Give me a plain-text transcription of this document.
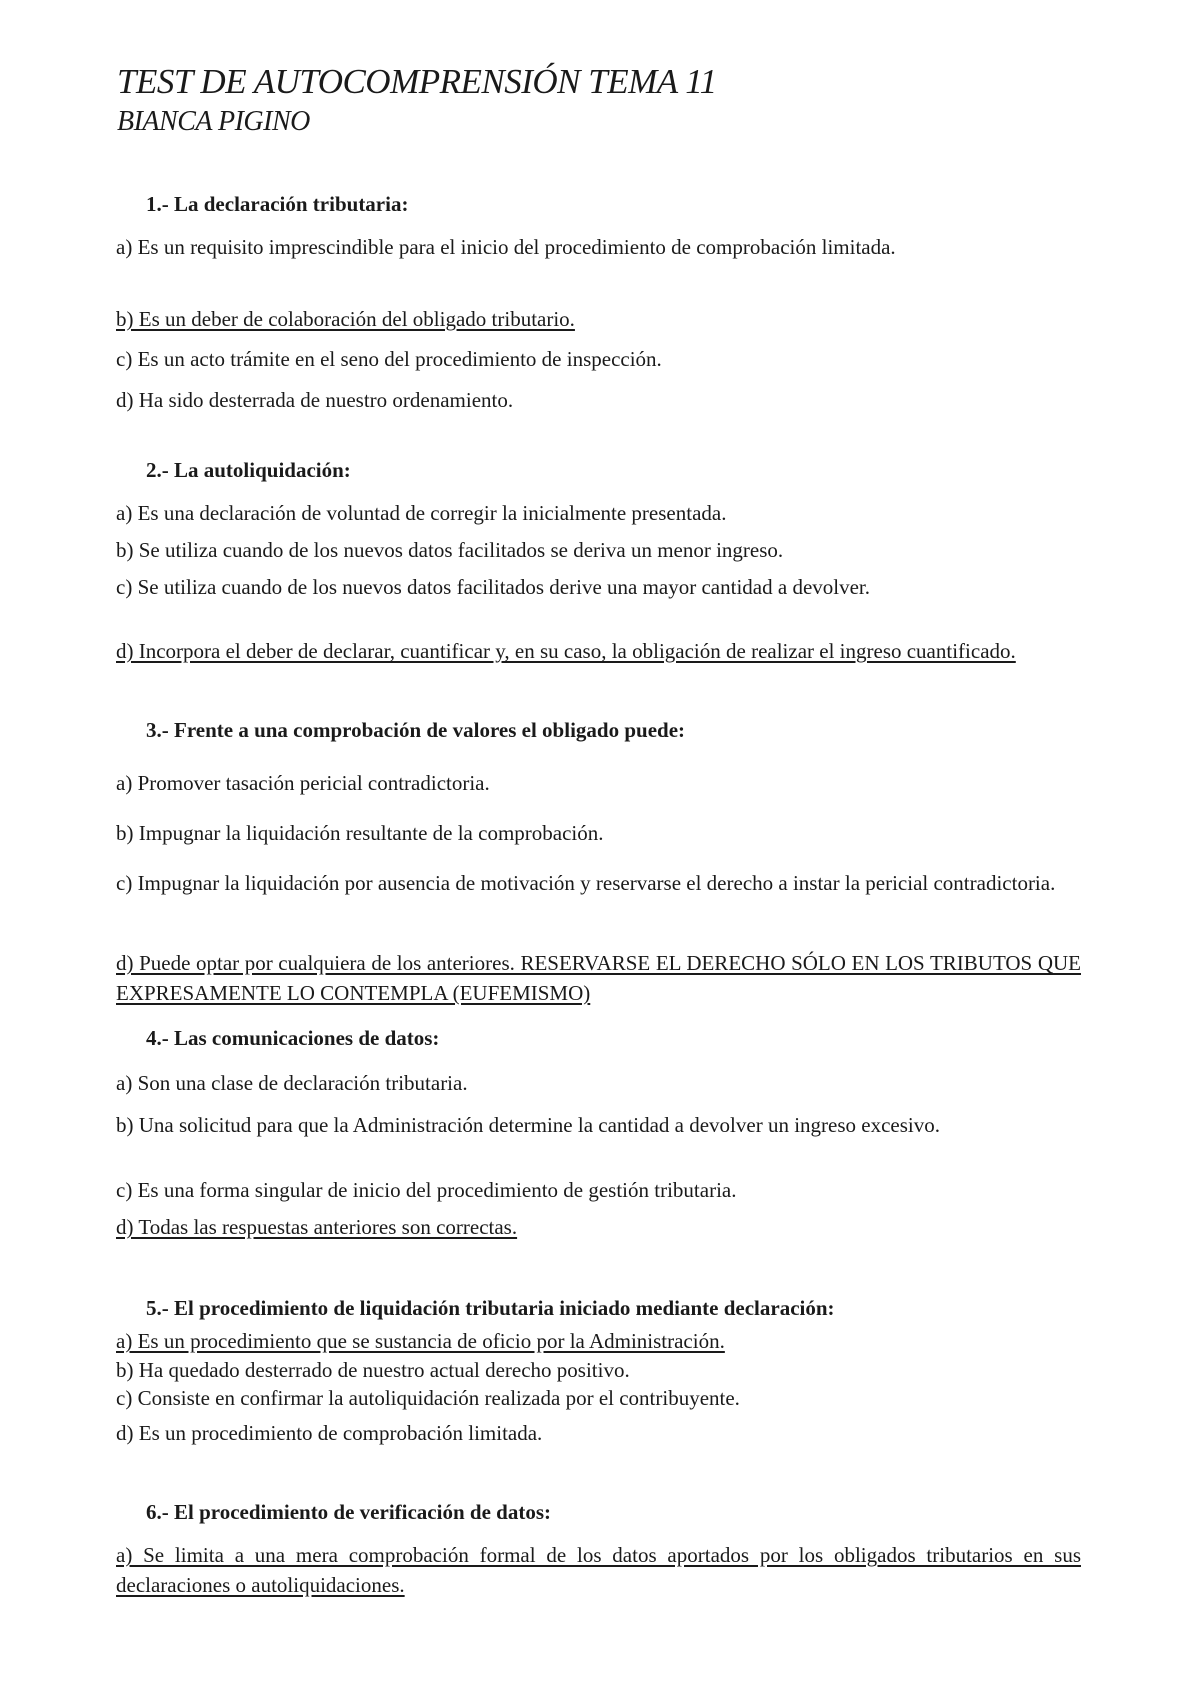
TEST DE AUTOCOMPRENSIÓN TEMA 11
BIANCA PIGINO
1.- La declaración tributaria:
a) Es un requisito imprescindible para el inicio del procedimiento de comprobación limitada.
b) Es un deber de colaboración del obligado tributario.
c) Es un acto trámite en el seno del procedimiento de inspección.
d) Ha sido desterrada de nuestro ordenamiento.
2.- La autoliquidación:
a) Es una declaración de voluntad de corregir la inicialmente presentada.
b) Se utiliza cuando de los nuevos datos facilitados se deriva un menor ingreso.
c) Se utiliza cuando de los nuevos datos facilitados derive una mayor cantidad a devolver.
d) Incorpora el deber de declarar, cuantificar y, en su caso, la obligación de realizar el ingreso cuantificado.
3.- Frente a una comprobación de valores el obligado puede:
a) Promover tasación pericial contradictoria.
b) Impugnar la liquidación resultante de la comprobación.
c) Impugnar la liquidación por ausencia de motivación y reservarse el derecho a instar la pericial contradictoria.
d) Puede optar por cualquiera de los anteriores. RESERVARSE EL DERECHO SÓLO EN LOS TRIBUTOS QUE EXPRESAMENTE LO CONTEMPLA (EUFEMISMO)
4.- Las comunicaciones de datos:
a) Son una clase de declaración tributaria.
b) Una solicitud para que la Administración determine la cantidad a devolver un ingreso excesivo.
c) Es una forma singular de inicio del procedimiento de gestión tributaria.
d) Todas las respuestas anteriores son correctas.
5.- El procedimiento de liquidación tributaria iniciado mediante declaración:
a) Es un procedimiento que se sustancia de oficio por la Administración.
b) Ha quedado desterrado de nuestro actual derecho positivo.
c) Consiste en confirmar la autoliquidación realizada por el contribuyente.
d) Es un procedimiento de comprobación limitada.
6.- El procedimiento de verificación de datos:
a) Se limita a una mera comprobación formal de los datos aportados por los obligados tributarios en sus declaraciones o autoliquidaciones.
